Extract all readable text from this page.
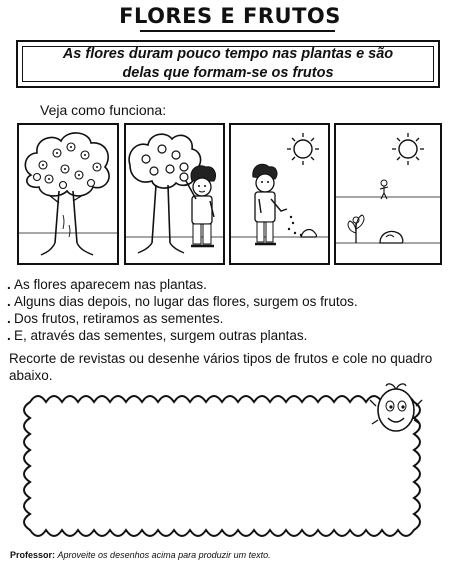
FLORES E FRUTOS
As flores duram pouco tempo nas plantas e são
delas que formam-se os frutos
Veja como funciona:
. As flores aparecem nas plantas.
. Alguns dias depois, no lugar das flores, surgem os frutos.
. Dos frutos, retiramos as sementes.
. E, através das sementes, surgem outras plantas.
Recorte de revistas ou desenhe vários tipos de frutos e cole no quadro
abaixo.
Professor: Aproveite os desenhos acima para produzir um texto.
